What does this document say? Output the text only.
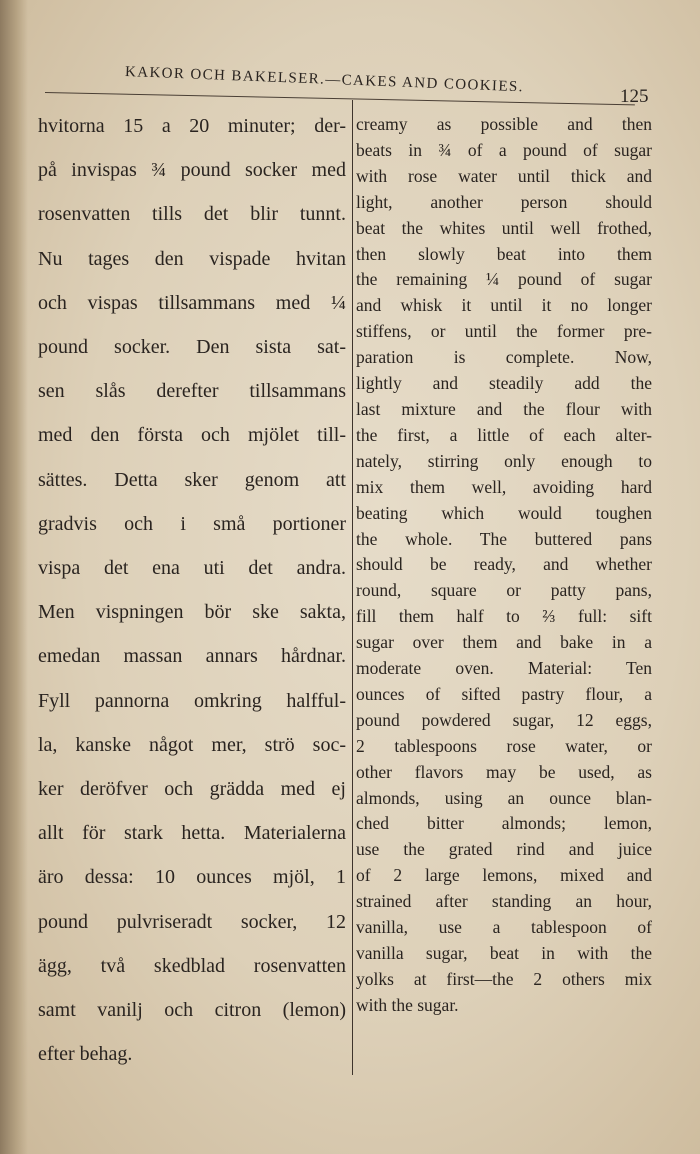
KAKOR OCH BAKELSER.—CAKES AND COOKIES.
125
hvitorna 15 a 20 minuter; der-
på invispas ¾ pound socker med
rosenvatten tills det blir tunnt.
Nu tages den vispade hvitan
och vispas tillsammans med ¼
pound socker. Den sista sat-
sen slås derefter tillsammans
med den första och mjölet till-
sättes. Detta sker genom att
gradvis och i små portioner
vispa det ena uti det andra.
Men vispningen bör ske sakta,
emedan massan annars hårdnar.
Fyll pannorna omkring halfful-
la, kanske något mer, strö soc-
ker deröfver och grädda med ej
allt för stark hetta. Materialerna
äro dessa: 10 ounces mjöl, 1
pound pulvriseradt socker, 12
ägg, två skedblad rosenvatten
samt vanilj och citron (lemon)
efter behag.
creamy as possible and then
beats in ¾ of a pound of sugar
with rose water until thick and
light, another person should
beat the whites until well frothed,
then slowly beat into them
the remaining ¼ pound of sugar
and whisk it until it no longer
stiffens, or until the former pre-
paration is complete. Now,
lightly and steadily add the
last mixture and the flour with
the first, a little of each alter-
nately, stirring only enough to
mix them well, avoiding hard
beating which would toughen
the whole. The buttered pans
should be ready, and whether
round, square or patty pans,
fill them half to ⅔ full: sift
sugar over them and bake in a
moderate oven. Material: Ten
ounces of sifted pastry flour, a
pound powdered sugar, 12 eggs,
2 tablespoons rose water, or
other flavors may be used, as
almonds, using an ounce blan-
ched bitter almonds; lemon,
use the grated rind and juice
of 2 large lemons, mixed and
strained after standing an hour,
vanilla, use a tablespoon of
vanilla sugar, beat in with the
yolks at first—the 2 others mix
with the sugar.
